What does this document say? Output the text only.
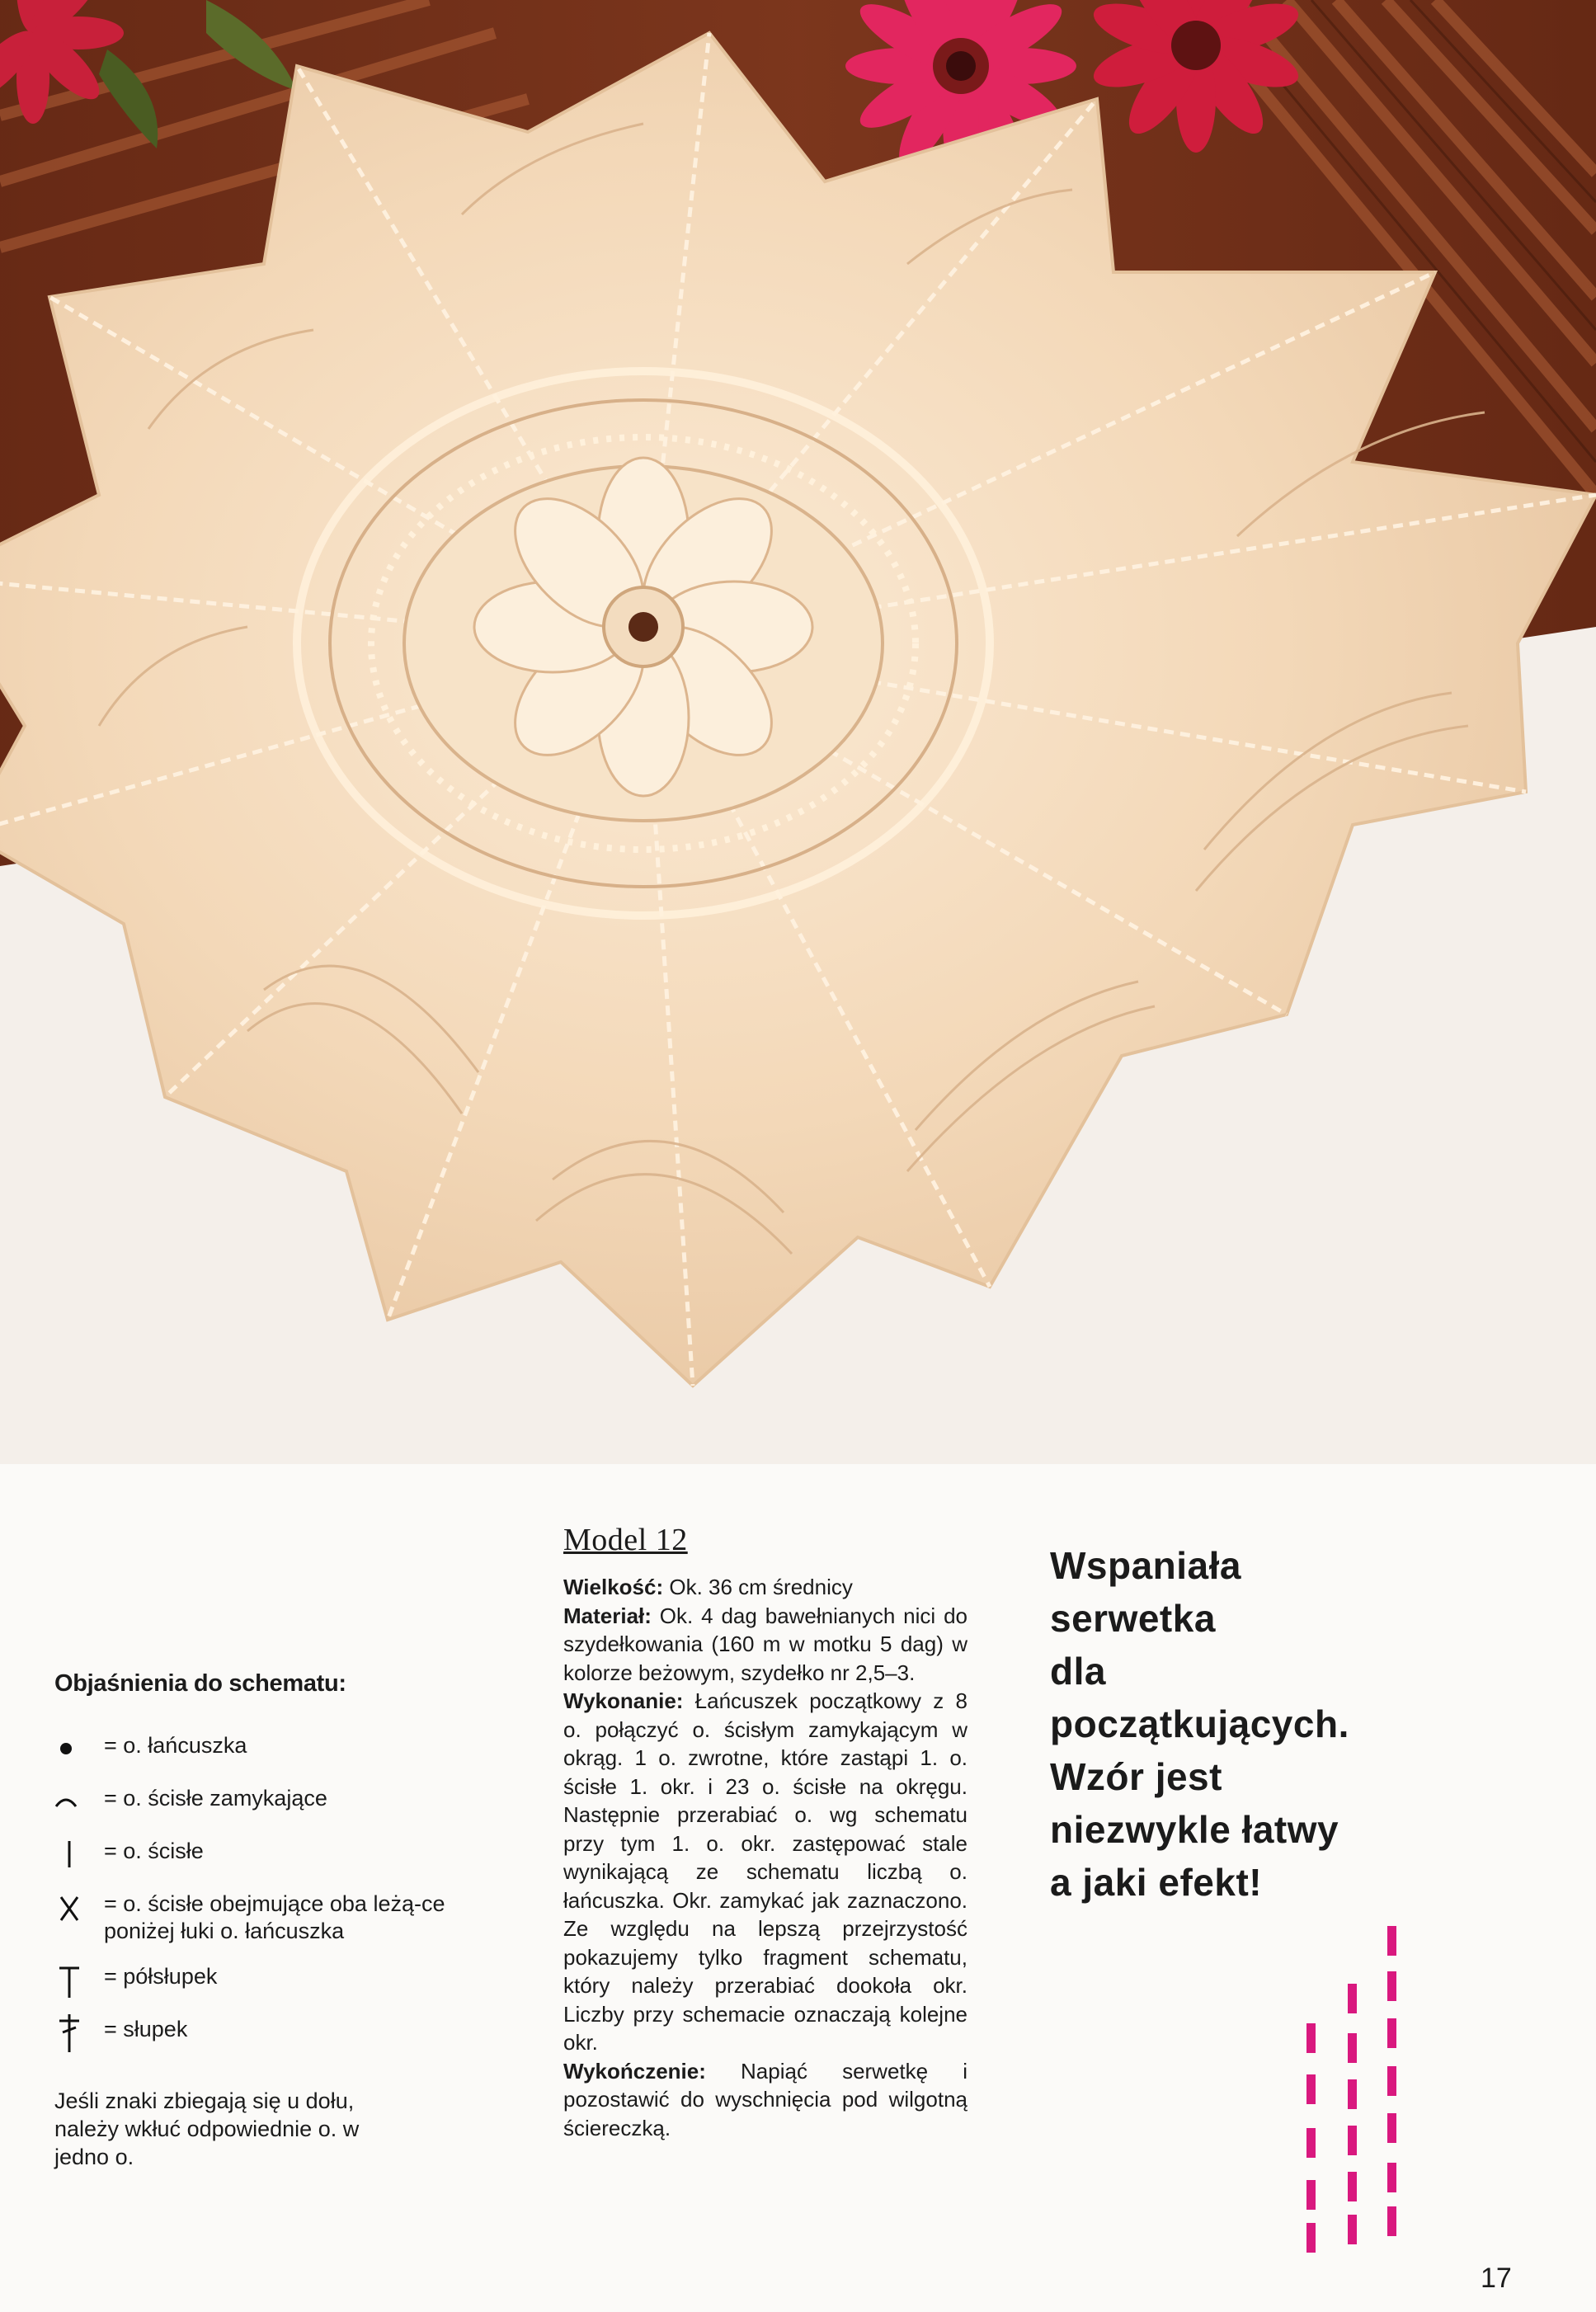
Objaśnienia do schematu:
= o. łańcuszka
= o. ścisłe zamykające
= o. ścisłe
= o. ścisłe obejmujące oba leżą-ce poniżej łuki o. łańcuszka
= półsłupek
= słupek
Jeśli znaki zbiegają się u dołu, należy wkłuć odpowiednie o. w jedno o.
Model 12

Wielkość: Ok. 36 cm średnicy

Materiał: Ok. 4 dag bawełnianych nici do szydełkowania (160 m w motku 5 dag) w kolorze beżowym, szydełko nr 2,5–3.

Wykonanie: Łańcuszek początkowy z 8 o. połączyć o. ścisłym zamykającym w okrąg. 1 o. zwrotne, które zastąpi 1. o. ścisłe 1. okr. i 23 o. ścisłe na okręgu. Następnie przerabiać o. wg schematu przy tym 1. o. okr. zastępować stale wynikającą ze schematu liczbą o. łańcuszka. Okr. zamykać jak zaznaczono. Ze względu na lepszą przejrzystość pokazujemy tylko fragment schematu, który należy przerabiać dookoła okr. Liczby przy schemacie oznaczają kolejne okr.

Wykończenie: Napiąć serwetkę i pozostawić do wyschnięcia pod wilgotną ściereczką.

Wspaniała
serwetka
dla
początkujących.
Wzór jest
niezwykle łatwy
a jaki efekt!
17
